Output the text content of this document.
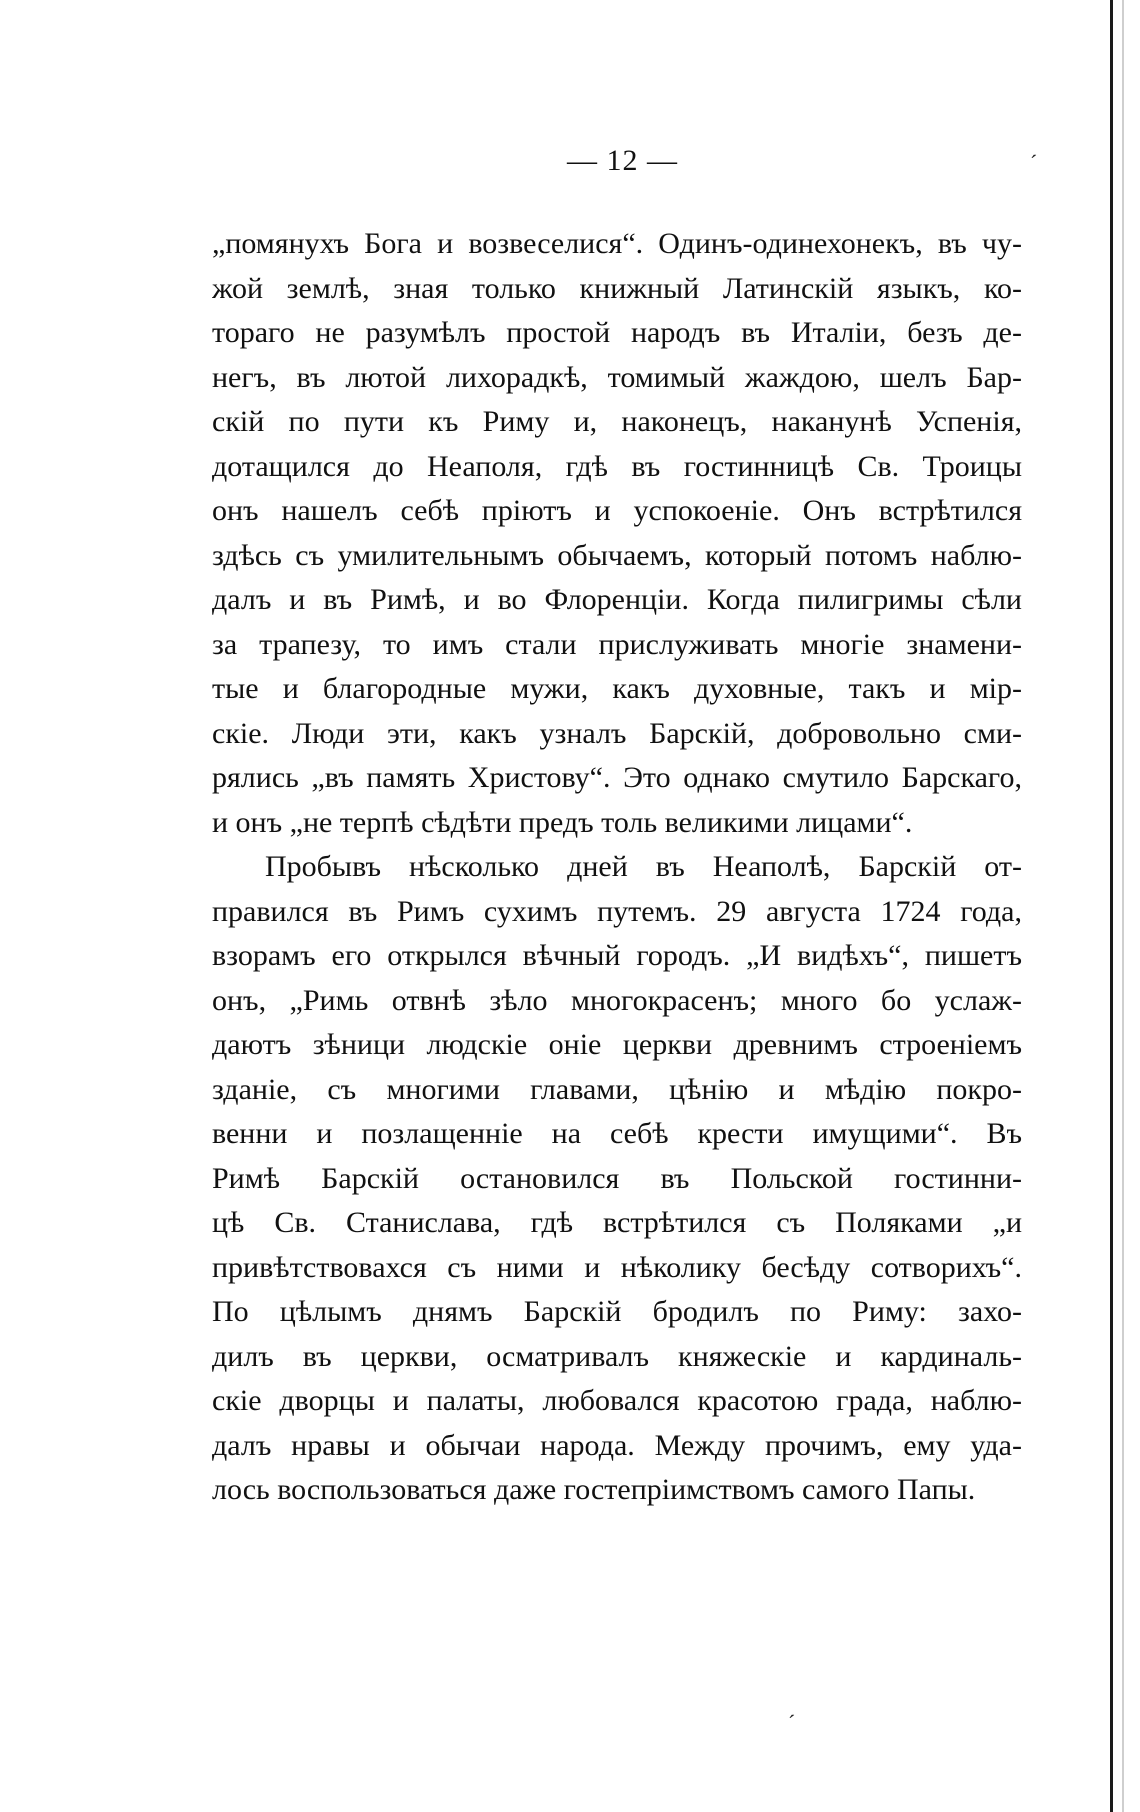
ˊ
ˊ
— 12 —
„помянухъ Бога и возвеселися“. Одинъ-одинехонекъ, въ чу-
жой землѣ, зная только книжный Латинскій языкъ, ко-
тораго не разумѣлъ простой народъ въ Италіи, безъ де-
негъ, въ лютой лихорадкѣ, томимый жаждою, шелъ Бар-
скій по пути къ Риму и, наконецъ, наканунѣ Успенія,
дотащился до Неаполя, гдѣ въ гостинницѣ Св. Троицы
онъ нашелъ себѣ пріютъ и успокоеніе. Онъ встрѣтился
здѣсь съ умилительнымъ обычаемъ, который потомъ наблю-
далъ и въ Римѣ, и во Флоренціи. Когда пилигримы сѣли
за трапезу, то имъ стали прислуживать многіе знамени-
тые и благородные мужи, какъ духовные, такъ и мір-
скіе. Люди эти, какъ узналъ Барскій, добровольно сми-
рялись „въ память Христову“. Это однако смутило Барскаго,
и онъ „не терпѣ сѣдѣти предъ толь великими лицами“.
Пробывъ нѣсколько дней въ Неаполѣ, Барскій от-
правился въ Римъ сухимъ путемъ. 29 августа 1724 года,
взорамъ его открылся вѣчный городъ. „И видѣхъ“, пишетъ
онъ, „Римь отвнѣ зѣло многокрасенъ; много бо услаж-
даютъ зѣници людскіе оніе церкви древнимъ строеніемъ
зданіе, съ многими главами, цѣнію и мѣдію покро-
венни и позлащенніе на себѣ крести имущими“. Въ
Римѣ Барскій остановился въ Польской гостинни-
цѣ Св. Станислава, гдѣ встрѣтился съ Поляками „и
привѣтствовахся съ ними и нѣколику бесѣду сотворихъ“.
По цѣлымъ днямъ Барскій бродилъ по Риму: захо-
дилъ въ церкви, осматривалъ княжескіе и кардиналь-
скіе дворцы и палаты, любовался красотою града, наблю-
далъ нравы и обычаи народа. Между прочимъ, ему уда-
лось воспользоваться даже гостепріимствомъ самого Папы.
